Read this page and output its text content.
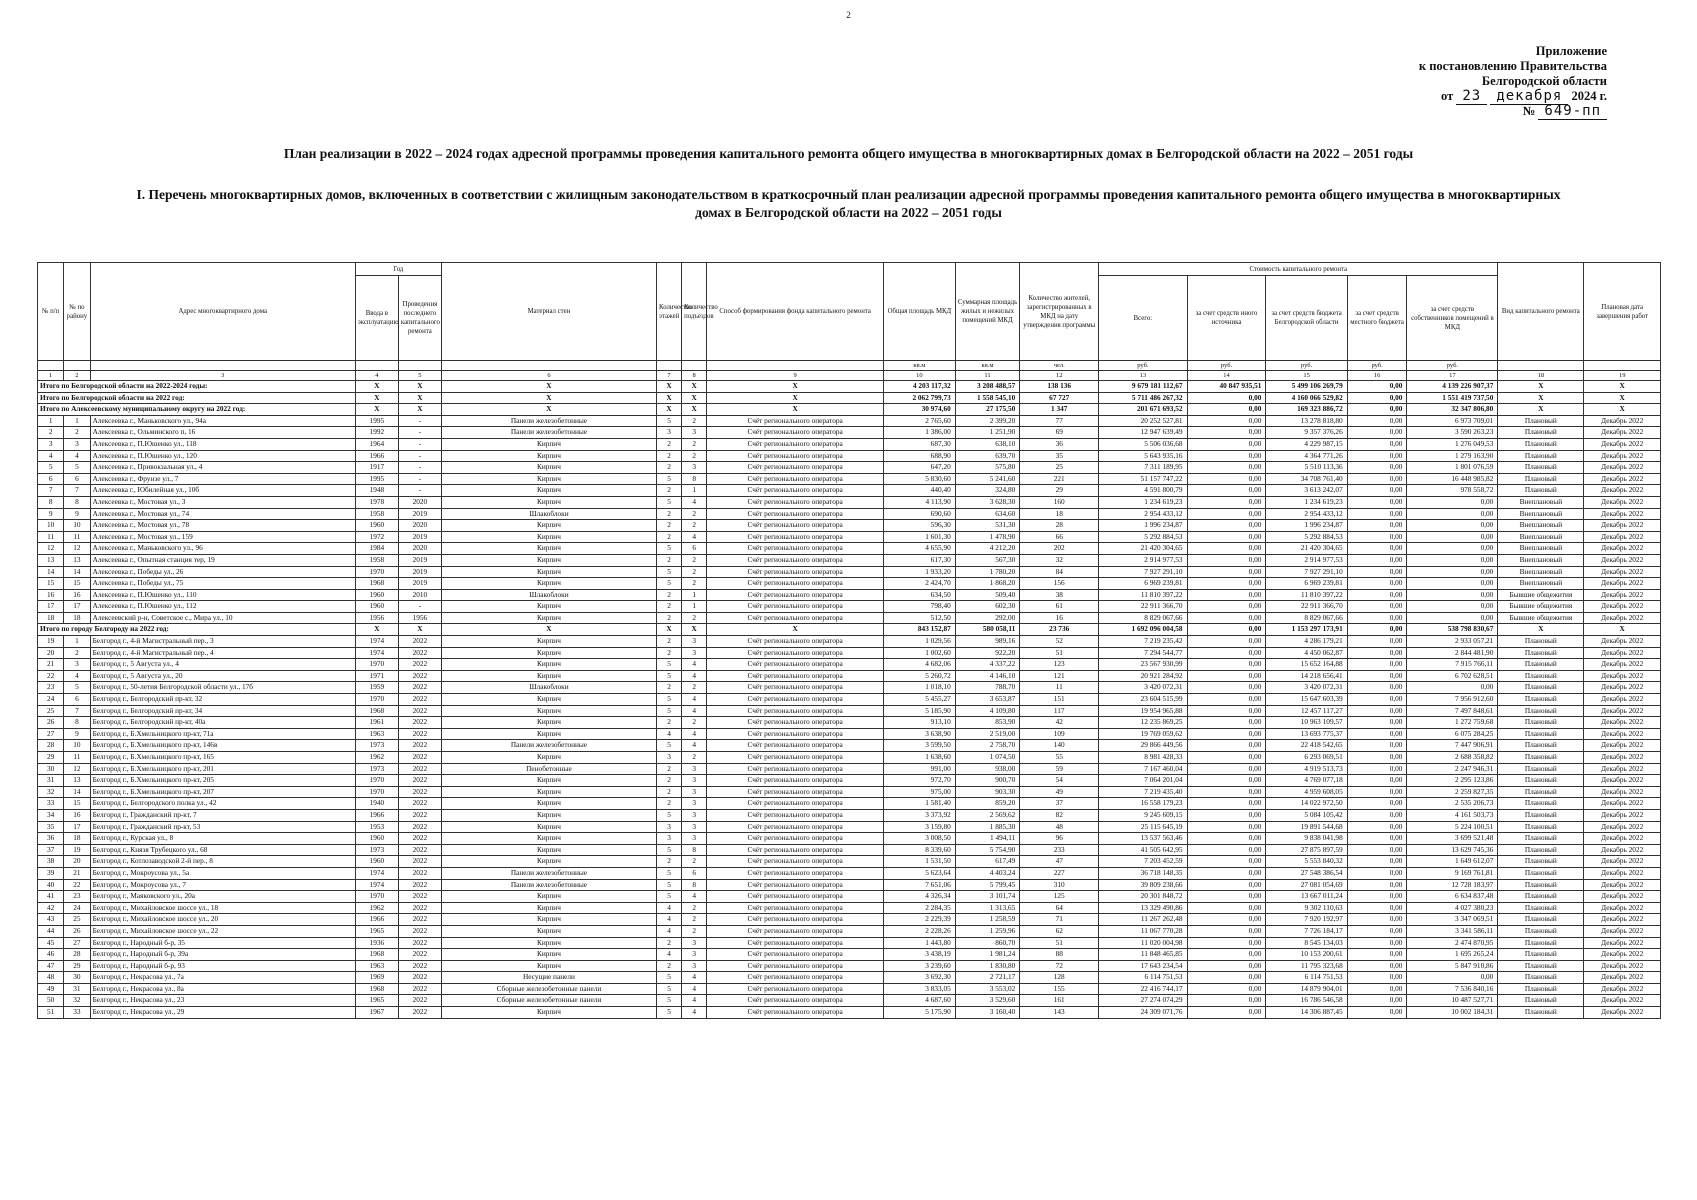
2
Приложение
к постановлению Правительства
Белгородской области
от 23 декабря 2024 г.
№ 649-пп
План реализации в 2022 – 2024 годах адресной программы проведения капитального ремонта общего имущества в многоквартирных домах в Белгородской области на 2022 – 2051 годы
I. Перечень многоквартирных домов, включенных в соответствии с жилищным законодательством в краткосрочный план реализации адресной программы проведения капитального ремонта общего имущества в многоквартирных домах в Белгородской области на 2022 – 2051 годы
№ п/п	№ по району	Адрес многоквартирного дома	Год		Материал стен	Количество этажей	Количество подъездов	Способ формирования фонда капитального ремонта	Общая площадь МКД	Суммарная площадь жилых и нежилых помещений МКД	Количество жителей, зарегистрированных в МКД на дату утверждения программы	Стоимость капитального ремонта					Вид капитального ремонта	Плановая дата завершения работ
			Ввода в эксплуатацию	Проведения последнего капитального ремонта								Всего:	за счет средств иного источника	за счет средств бюджета Белгородской области	за счет средств местного бюджета	за счет средств собственников помещений в МКД		
									кв.м	кв.м	чел.	руб.	руб.	руб.	руб.	руб.		
1	2	3	4	5	6	7	8	9	10	11	12	13	14	15	16	17	18	19
Итого по Белгородской области на 2022-2024 годы:			X	X	X	X	X	X	4 203 117,32	3 208 488,57	138 136	9 679 181 112,67	40 847 935,51	5 499 106 269,79	0,00	4 139 226 907,37	X	X
Итого по Белгородской области на 2022 год:			X	X	X	X	X	X	2 062 799,73	1 558 545,10	67 727	5 711 486 267,32	0,00	4 160 066 529,82	0,00	1 551 419 737,50	X	X
Итого по Алексеевскому муниципальному округу на 2022 год:			X	X	X	X	X	X	30 974,60	27 175,50	1 347	201 671 693,52	0,00	169 323 886,72	0,00	32 347 806,80	X	X
1	1	Алексеевка г., Маньковского ул., 94а	1995	-	Панели железобетонные	5	2	Счёт регионального оператора	2 765,60	2 399,20	77	20 252 527,81	0,00	13 278 818,80	0,00	6 973 709,01	Плановый	Декабрь 2022
2	2	Алексеевка г., Ольминского п, 16	1992	-	Панели железобетонные	3	3	Счёт регионального оператора	1 386,00	1 251,90	69	12 947 639,49	0,00	9 357 376,26	0,00	3 590 263,23	Плановый	Декабрь 2022
3	3	Алексеевка г., П.Юшенко ул., 118	1964	-	Кирпич	2	2	Счёт регионального оператора	687,30	638,10	36	5 506 036,68	0,00	4 229 987,15	0,00	1 276 049,53	Плановый	Декабрь 2022
4	4	Алексеевка г., П.Юшенко ул., 120	1966	-	Кирпич	2	2	Счёт регионального оператора	688,90	639,70	35	5 643 935,16	0,00	4 364 771,26	0,00	1 279 163,90	Плановый	Декабрь 2022
5	5	Алексеевка г., Привокзальная ул., 4	1917	-	Кирпич	2	3	Счёт регионального оператора	647,20	575,80	25	7 311 189,95	0,00	5 510 113,36	0,00	1 801 076,59	Плановый	Декабрь 2022
6	6	Алексеевка г., Фрунзе ул., 7	1995	-	Кирпич	5	8	Счёт регионального оператора	5 830,60	5 241,60	221	51 157 747,22	0,00	34 708 761,40	0,00	16 448 985,82	Плановый	Декабрь 2022
7	7	Алексеевка г., Юбилейная ул., 10б	1948	-	Кирпич	2	1	Счёт регионального оператора	440,40	324,80	29	4 591 800,79	0,00	3 613 242,07	0,00	978 558,72	Плановый	Декабрь 2022
8	8	Алексеевка г., Мостовая ул., 3	1978	2020	Кирпич	5	4	Счёт регионального оператора	4 113,90	3 628,30	160	1 234 619,23	0,00	1 234 619,23	0,00	0,00	Внеплановый	Декабрь 2022
9	9	Алексеевка г., Мостовая ул., 74	1958	2019	Шлакоблоки	2	2	Счёт регионального оператора	690,60	634,60	18	2 954 433,12	0,00	2 954 433,12	0,00	0,00	Внеплановый	Декабрь 2022
10	10	Алексеевка г., Мостовая ул., 78	1960	2020	Кирпич	2	2	Счёт регионального оператора	596,30	531,30	28	1 996 234,87	0,00	1 996 234,87	0,00	0,00	Внеплановый	Декабрь 2022
11	11	Алексеевка г., Мостовая ул., 159	1972	2019	Кирпич	2	4	Счёт регионального оператора	1 601,30	1 478,90	66	5 292 884,53	0,00	5 292 884,53	0,00	0,00	Внеплановый	Декабрь 2022
12	12	Алексеевка г., Маньковского ул., 96	1984	2020	Кирпич	5	6	Счёт регионального оператора	4 655,90	4 212,20	202	21 420 304,65	0,00	21 420 304,65	0,00	0,00	Внеплановый	Декабрь 2022
13	13	Алексеевка г., Опытная станция тер, 19	1958	2019	Кирпич	2	2	Счёт регионального оператора	617,30	567,30	32	2 914 977,53	0,00	2 914 977,53	0,00	0,00	Внеплановый	Декабрь 2022
14	14	Алексеевка г., Победы ул., 26	1970	2019	Кирпич	5	2	Счёт регионального оператора	1 933,20	1 780,20	84	7 927 291,10	0,00	7 927 291,10	0,00	0,00	Внеплановый	Декабрь 2022
15	15	Алексеевка г., Победы ул., 75	1968	2019	Кирпич	5	2	Счёт регионального оператора	2 424,70	1 868,20	156	6 969 239,81	0,00	6 969 239,81	0,00	0,00	Внеплановый	Декабрь 2022
16	16	Алексеевка г., П.Юшенко ул., 110	1960	2010	Шлакоблоки	2	1	Счёт регионального оператора	634,50	509,40	38	11 810 397,22	0,00	11 810 397,22	0,00	0,00	Бывшие общежития	Декабрь 2022
17	17	Алексеевка г., П.Юшенко ул., 112	1960	-	Кирпич	2	1	Счёт регионального оператора	798,40	602,30	61	22 911 366,70	0,00	22 911 366,70	0,00	0,00	Бывшие общежития	Декабрь 2022
18	18	Алексеевский р-н, Советское с., Мира ул., 10	1956	1956	Кирпич	2	2	Счёт регионального оператора	512,50	292,00	16	8 829 067,66	0,00	8 829 067,66	0,00	0,00	Бывшие общежития	Декабрь 2022
Итого по городу Белгороду на 2022 год:			X	X	X	X	X	X	843 152,87	580 058,11	23 736	1 692 096 004,58	0,00	1 153 297 173,91	0,00	538 798 830,67	X	X
19	1	Белгород г., 4-й Магистральный пер., 3	1974	2022	Кирпич	2	3	Счёт регионального оператора	1 029,56	989,16	52	7 219 235,42	0,00	4 286 179,21	0,00	2 933 057,21	Плановый	Декабрь 2022
20	2	Белгород г., 4-й Магистральный пер., 4	1974	2022	Кирпич	2	3	Счёт регионального оператора	1 002,60	922,20	51	7 294 544,77	0,00	4 450 062,87	0,00	2 844 481,90	Плановый	Декабрь 2022
21	3	Белгород г., 5 Августа ул., 4	1970	2022	Кирпич	5	4	Счёт регионального оператора	4 682,06	4 337,22	123	23 567 930,99	0,00	15 652 164,88	0,00	7 915 766,11	Плановый	Декабрь 2022
22	4	Белгород г., 5 Августа ул., 20	1971	2022	Кирпич	5	4	Счёт регионального оператора	5 260,72	4 146,10	121	20 921 284,92	0,00	14 218 656,41	0,00	6 702 628,51	Плановый	Декабрь 2022
23	5	Белгород г., 50-летия Белгородской области ул., 17б	1959	2022	Шлакоблоки	2	2	Счёт регионального оператора	1 018,10	788,70	11	3 420 072,31	0,00	3 420 072,31	0,00	0,00	Плановый	Декабрь 2022
24	6	Белгород г., Белгородский пр-кт, 32	1970	2022	Кирпич	5	4	Счёт регионального оператора	5 455,27	3 653,87	151	23 604 515,99	0,00	15 647 603,39	0,00	7 956 912,60	Плановый	Декабрь 2022
25	7	Белгород г., Белгородский пр-кт, 34	1968	2022	Кирпич	5	4	Счёт регионального оператора	5 185,90	4 109,80	117	19 954 965,88	0,00	12 457 117,27	0,00	7 497 848,61	Плановый	Декабрь 2022
26	8	Белгород г., Белгородский пр-кт, 40а	1961	2022	Кирпич	2	2	Счёт регионального оператора	913,10	853,90	42	12 235 869,25	0,00	10 963 109,57	0,00	1 272 759,68	Плановый	Декабрь 2022
27	9	Белгород г., Б.Хмельницкого пр-кт, 71а	1963	2022	Кирпич	4	4	Счёт регионального оператора	3 638,90	2 519,00	109	19 769 059,62	0,00	13 693 775,37	0,00	6 075 284,25	Плановый	Декабрь 2022
28	10	Белгород г., Б.Хмельницкого пр-кт, 146в	1973	2022	Панели железобетонные	5	4	Счёт регионального оператора	3 599,50	2 758,70	140	29 866 449,56	0,00	22 418 542,65	0,00	7 447 906,91	Плановый	Декабрь 2022
29	11	Белгород г., Б.Хмельницкого пр-кт, 165	1962	2022	Кирпич	3	2	Счёт регионального оператора	1 638,60	1 074,50	55	8 981 428,33	0,00	6 293 069,51	0,00	2 688 358,82	Плановый	Декабрь 2022
30	12	Белгород г., Б.Хмельницкого пр-кт, 201	1973	2022	Пенобетонные	2	3	Счёт регионального оператора	991,00	938,00	59	7 167 460,04	0,00	4 919 513,73	0,00	2 247 946,31	Плановый	Декабрь 2022
31	13	Белгород г., Б.Хмельницкого пр-кт, 205	1970	2022	Кирпич	2	3	Счёт регионального оператора	972,70	900,70	54	7 064 201,04	0,00	4 769 077,18	0,00	2 295 123,86	Плановый	Декабрь 2022
32	14	Белгород г., Б.Хмельницкого пр-кт, 207	1970	2022	Кирпич	2	3	Счёт регионального оператора	975,00	903,30	49	7 219 435,40	0,00	4 959 608,05	0,00	2 259 827,35	Плановый	Декабрь 2022
33	15	Белгород г., Белгородского полка ул., 42	1940	2022	Кирпич	2	3	Счёт регионального оператора	1 581,40	859,20	37	16 558 179,23	0,00	14 022 972,50	0,00	2 535 206,73	Плановый	Декабрь 2022
34	16	Белгород г., Гражданский пр-кт, 7	1966	2022	Кирпич	5	3	Счёт регионального оператора	3 373,92	2 569,62	82	9 245 609,15	0,00	5 084 105,42	0,00	4 161 503,73	Плановый	Декабрь 2022
35	17	Белгород г., Гражданский пр-кт, 53	1953	2022	Кирпич	3	3	Счёт регионального оператора	3 159,80	1 885,30	48	25 115 645,19	0,00	19 891 544,68	0,00	5 224 100,51	Плановый	Декабрь 2022
36	18	Белгород г., Курская ул., 8	1960	2022	Кирпич	3	3	Счёт регионального оператора	3 008,50	1 494,11	96	13 537 563,46	0,00	9 838 041,98	0,00	3 699 521,48	Плановый	Декабрь 2022
37	19	Белгород г., Князя Трубецкого ул., 68	1973	2022	Кирпич	5	8	Счёт регионального оператора	8 339,60	5 754,90	233	41 505 642,95	0,00	27 875 897,59	0,00	13 629 745,36	Плановый	Декабрь 2022
38	20	Белгород г., Котлозаводской 2-й пер., 8	1960	2022	Кирпич	2	2	Счёт регионального оператора	1 531,50	617,49	47	7 203 452,59	0,00	5 553 840,32	0,00	1 649 612,07	Плановый	Декабрь 2022
39	21	Белгород г., Мокроусова ул., 5а	1974	2022	Панели железобетонные	5	6	Счёт регионального оператора	5 623,64	4 403,24	227	36 718 148,35	0,00	27 548 386,54	0,00	9 169 761,81	Плановый	Декабрь 2022
40	22	Белгород г., Мокроусова ул., 7	1974	2022	Панели железобетонные	5	8	Счёт регионального оператора	7 651,06	5 799,45	310	39 809 238,66	0,00	27 081 054,69	0,00	12 728 183,97	Плановый	Декабрь 2022
41	23	Белгород г., Маяковского ул., 20а	1970	2022	Кирпич	5	4	Счёт регионального оператора	4 326,34	3 101,74	125	20 301 848,72	0,00	13 667 011,24	0,00	6 634 837,48	Плановый	Декабрь 2022
42	24	Белгород г., Михайловское шоссе ул., 18	1962	2022	Кирпич	4	2	Счёт регионального оператора	2 284,35	1 313,65	64	13 329 490,86	0,00	9 302 110,63	0,00	4 027 380,23	Плановый	Декабрь 2022
43	25	Белгород г., Михайловское шоссе ул., 20	1966	2022	Кирпич	4	2	Счёт регионального оператора	2 229,39	1 258,59	71	11 267 262,48	0,00	7 920 192,97	0,00	3 347 069,51	Плановый	Декабрь 2022
44	26	Белгород г., Михайловское шоссе ул., 22	1965	2022	Кирпич	4	2	Счёт регионального оператора	2 228,26	1 259,96	62	11 067 770,28	0,00	7 726 184,17	0,00	3 341 586,11	Плановый	Декабрь 2022
45	27	Белгород г., Народный б-р, 35	1936	2022	Кирпич	2	3	Счёт регионального оператора	1 443,80	860,70	51	11 020 004,98	0,00	8 545 134,03	0,00	2 474 870,95	Плановый	Декабрь 2022
46	28	Белгород г., Народный б-р, 39а	1968	2022	Кирпич	4	3	Счёт регионального оператора	3 438,19	1 981,24	88	11 848 465,85	0,00	10 153 200,61	0,00	1 695 265,24	Плановый	Декабрь 2022
47	29	Белгород г., Народный б-р, 93	1963	2022	Кирпич	2	3	Счёт регионального оператора	3 239,60	1 830,80	72	17 643 234,54	0,00	11 795 323,68	0,00	5 847 910,86	Плановый	Декабрь 2022
48	30	Белгород г., Некрасова ул., 7а	1969	2022	Несущие панели	5	4	Счёт регионального оператора	3 692,30	2 721,17	128	6 114 751,53	0,00	6 114 751,53	0,00	0,00	Плановый	Декабрь 2022
49	31	Белгород г., Некрасова ул., 8а	1968	2022	Сборные железобетонные панели	5	4	Счёт регионального оператора	3 833,05	3 553,02	155	22 416 744,17	0,00	14 879 904,01	0,00	7 536 840,16	Плановый	Декабрь 2022
50	32	Белгород г., Некрасова ул., 23	1965	2022	Сборные железобетонные панели	5	4	Счёт регионального оператора	4 687,60	3 529,60	161	27 274 074,29	0,00	16 786 546,58	0,00	10 487 527,71	Плановый	Декабрь 2022
51	33	Белгород г., Некрасова ул., 29	1967	2022	Кирпич	5	4	Счёт регионального оператора	5 175,90	3 160,40	143	24 309 071,76	0,00	14 306 887,45	0,00	10 002 184,31	Плановый	Декабрь 2022
